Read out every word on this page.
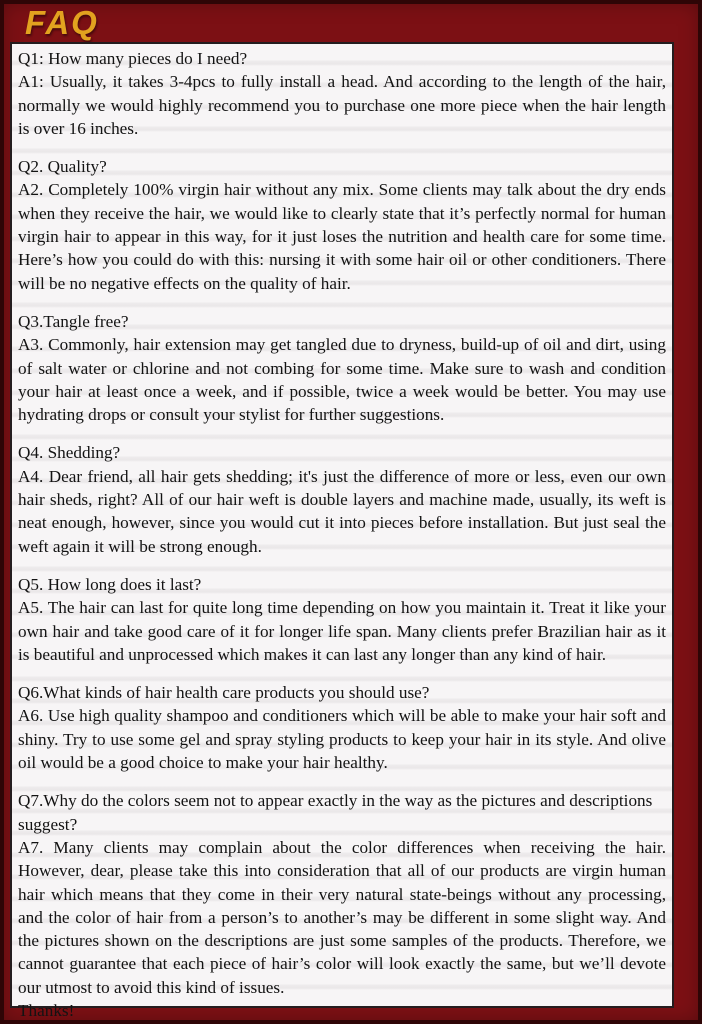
FAQ
Q1: How many pieces do I need?
A1: Usually, it takes 3-4pcs to fully install a head. And according to the length of the hair, normally we would highly recommend you to purchase one more piece when the hair length is over 16 inches.
Q2. Quality?
A2. Completely 100% virgin hair without any mix. Some clients may talk about the dry ends when they receive the hair, we would like to clearly state that it’s perfectly normal for human virgin hair to appear in this way, for it just loses the nutrition and health care for some time. Here’s how you could do with this: nursing it with some hair oil or other conditioners. There will be no negative effects on the quality of hair.
Q3.Tangle free?
A3. Commonly, hair extension may get tangled due to dryness, build-up of oil and dirt, using of salt water or chlorine and not combing for some time. Make sure to wash and condition your hair at least once a week, and if possible, twice a week would be better. You may use hydrating drops or consult your stylist for further suggestions.
Q4. Shedding?
A4. Dear friend, all hair gets shedding; it's just the difference of more or less, even our own hair sheds, right? All of our hair weft is double layers and machine made, usually, its weft is neat enough, however, since you would cut it into pieces before installation. But just seal the weft again it will be strong enough.
Q5. How long does it last?
A5. The hair can last for quite long time depending on how you maintain it. Treat it like your own hair and take good care of it for longer life span. Many clients prefer Brazilian hair as it is beautiful and unprocessed which makes it can last any longer than any kind of hair.
Q6.What kinds of hair health care products you should use?
A6. Use high quality shampoo and conditioners which will be able to make your hair soft and shiny. Try to use some gel and spray styling products to keep your hair in its style. And olive oil would be a good choice to make your hair healthy.
Q7.Why do the colors seem not to appear exactly in the way as the pictures and descriptions suggest?
A7. Many clients may complain about the color differences when receiving the hair. However, dear, please take this into consideration that all of our products are virgin human hair which means that they come in their very natural state-beings without any processing, and the color of hair from a person’s to another’s may be different in some slight way. And the pictures shown on the descriptions are just some samples of the products. Therefore, we cannot guarantee that each piece of hair’s color will look exactly the same, but we’ll devote our utmost to avoid this kind of issues.
Thanks!
